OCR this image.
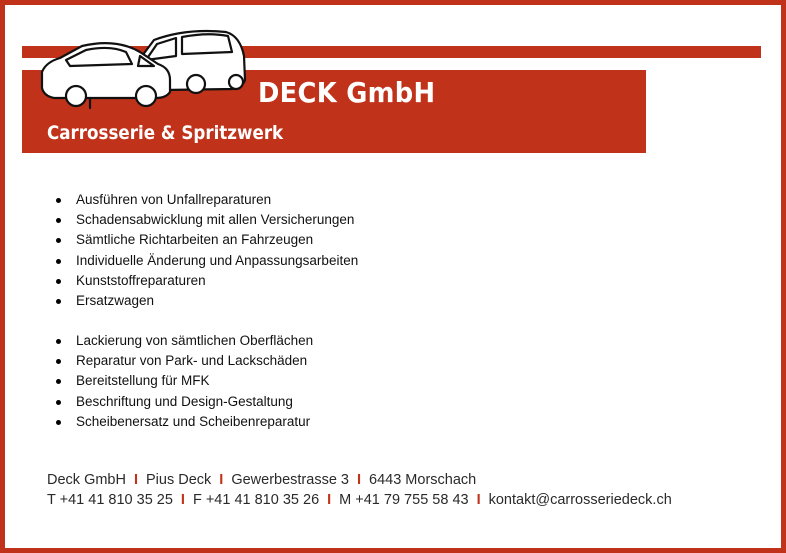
DECK GmbH
Carrosserie & Spritzwerk
Ausführen von Unfallreparaturen
Schadensabwicklung mit allen Versicherungen
Sämtliche Richtarbeiten an Fahrzeugen
Individuelle Änderung und Anpassungsarbeiten
Kunststoffreparaturen
Ersatzwagen
Lackierung von sämtlichen Oberflächen
Reparatur von Park- und Lackschäden
Bereitstellung für MFK
Beschriftung und Design-Gestaltung
Scheibenersatz und Scheibenreparatur
Deck GmbH I Pius Deck I Gewerbestrasse 3 I 6443 Morschach
T +41 41 810 35 25 I F +41 41 810 35 26 I M +41 79 755 58 43 I kontakt@carrosseriedeck.ch
